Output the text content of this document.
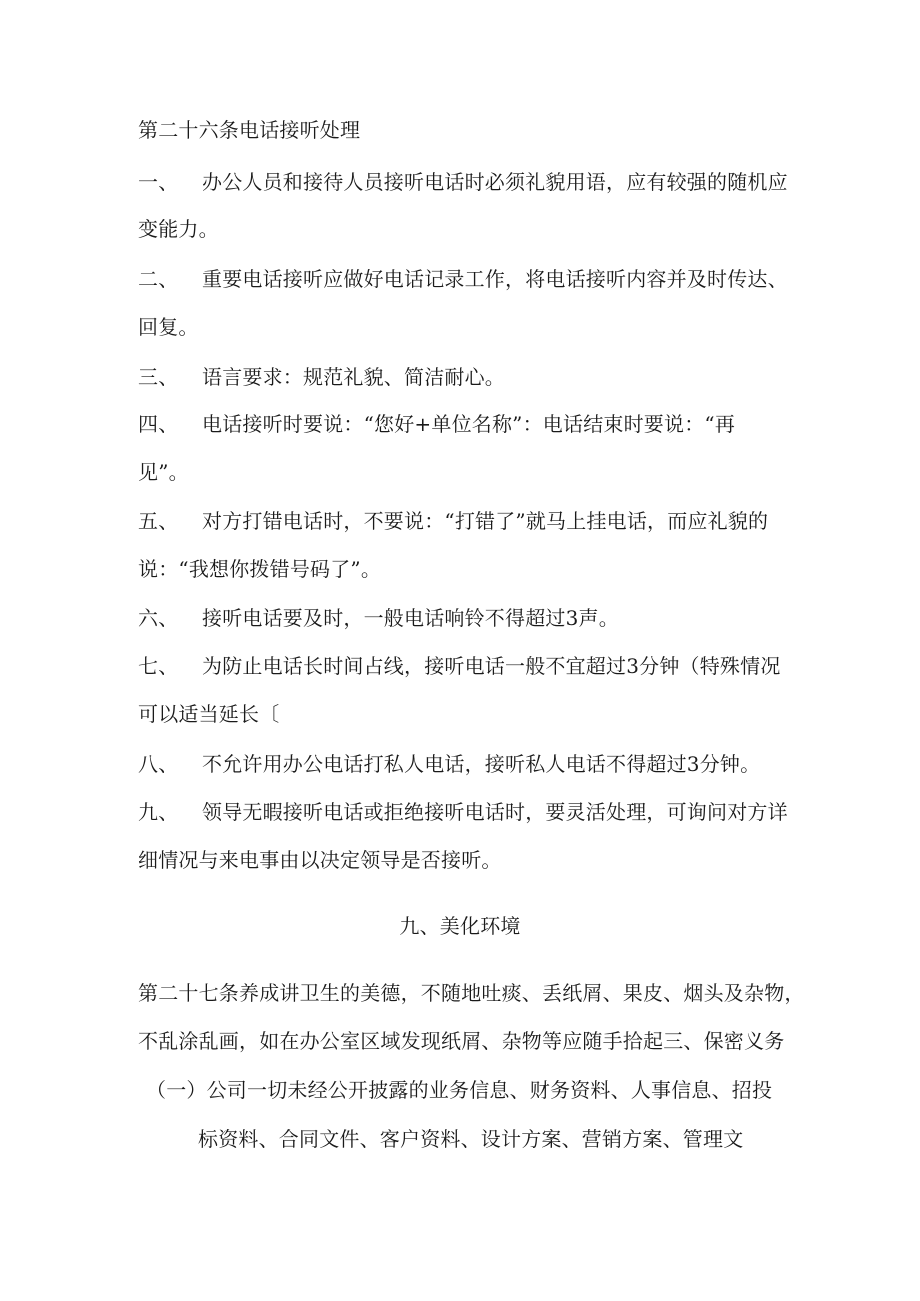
第二十六条电话接听处理
一、 办公人员和接待人员接听电话时必须礼貌用语，应有较强的随机应
变能力。
二、 重要电话接听应做好电话记录工作，将电话接听内容并及时传达、
回复。
三、 语言要求：规范礼貌、简洁耐心。
四、 电话接听时要说：“您好+单位名称”：电话结束时要说：“再
见”。
五、 对方打错电话时，不要说：“打错了”就马上挂电话，而应礼貌的
说：“我想你拨错号码了”。
六、 接听电话要及时，一般电话响铃不得超过3声。
七、 为防止电话长时间占线，接听电话一般不宜超过3分钟（特殊情况
可以适当延长〔
八、 不允许用办公电话打私人电话，接听私人电话不得超过3分钟。
九、 领导无暇接听电话或拒绝接听电话时，要灵活处理，可询问对方详
细情况与来电事由以决定领导是否接听。
九、美化环境
第二十七条养成讲卫生的美德，不随地吐痰、丢纸屑、果皮、烟头及杂物，
不乱涂乱画，如在办公室区域发现纸屑、杂物等应随手拾起三、保密义务
（一）公司一切未经公开披露的业务信息、财务资料、人事信息、招投
标资料、合同文件、客户资料、设计方案、营销方案、管理文
